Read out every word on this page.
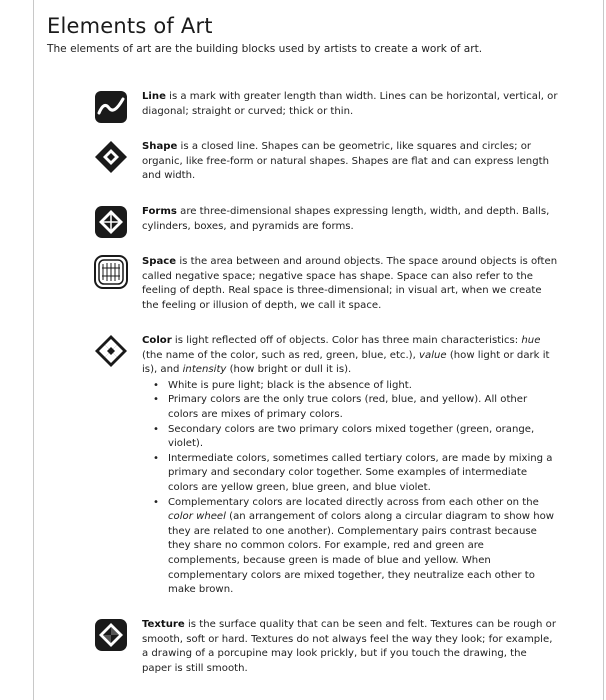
Elements of Art
The elements of art are the building blocks used by artists to create a work of art.
Line is a mark with greater length than width. Lines can be horizontal, vertical, or diagonal; straight or curved; thick or thin.
Shape is a closed line. Shapes can be geometric, like squares and circles; or organic, like free-form or natural shapes. Shapes are flat and can express length and width.
Forms are three-dimensional shapes expressing length, width, and depth. Balls, cylinders, boxes, and pyramids are forms.
Space is the area between and around objects. The space around objects is often called negative space; negative space has shape. Space can also refer to the feeling of depth. Real space is three-dimensional; in visual art, when we create the feeling or illusion of depth, we call it space.
Color is light reflected off of objects. Color has three main characteristics: hue (the name of the color, such as red, green, blue, etc.), value (how light or dark it is), and intensity (how bright or dull it is).
• White is pure light; black is the absence of light.
• Primary colors are the only true colors (red, blue, and yellow). All other colors are mixes of primary colors.
• Secondary colors are two primary colors mixed together (green, orange, violet).
• Intermediate colors, sometimes called tertiary colors, are made by mixing a primary and secondary color together. Some examples of intermediate colors are yellow green, blue green, and blue violet.
• Complementary colors are located directly across from each other on the color wheel (an arrangement of colors along a circular diagram to show how they are related to one another). Complementary pairs contrast because they share no common colors. For example, red and green are complements, because green is made of blue and yellow. When complementary colors are mixed together, they neutralize each other to make brown.
Texture is the surface quality that can be seen and felt. Textures can be rough or smooth, soft or hard. Textures do not always feel the way they look; for example, a drawing of a porcupine may look prickly, but if you touch the drawing, the paper is still smooth.
